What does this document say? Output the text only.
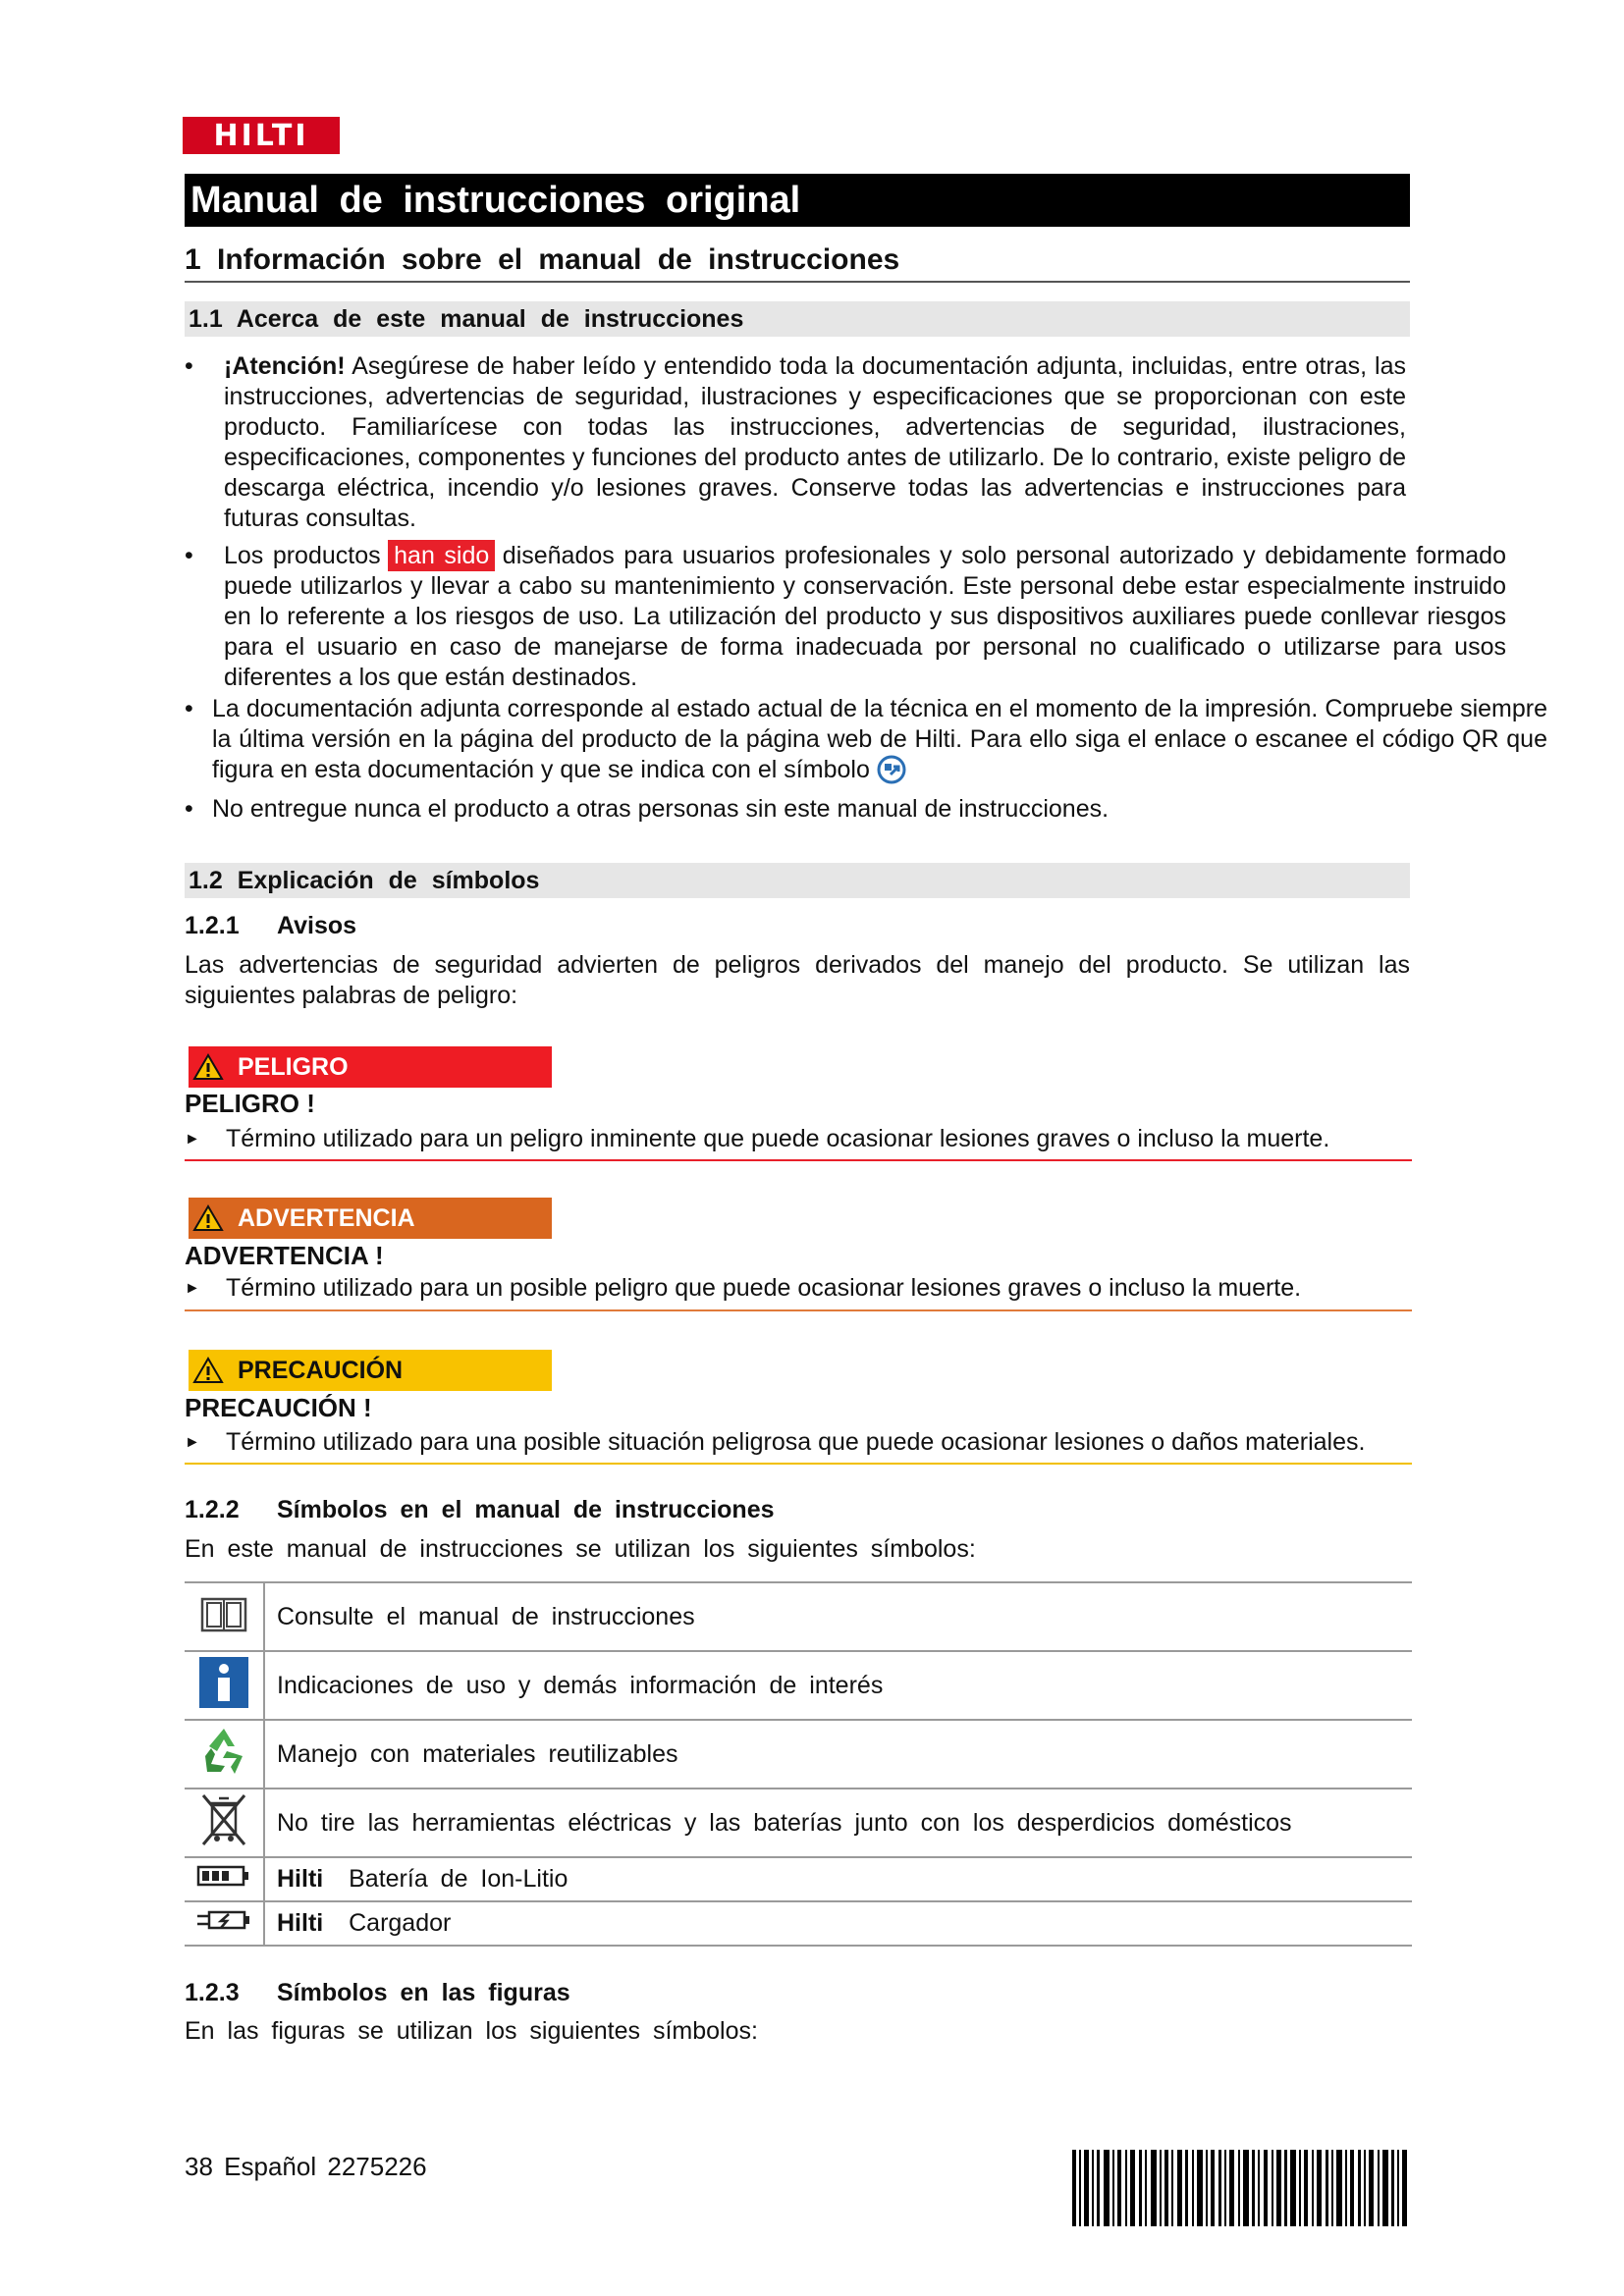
HILTI
Manual de instrucciones original
1 Información sobre el manual de instrucciones
1.1 Acerca de este manual de instrucciones
• ¡Atención! Asegúrese de haber leído y entendido toda la documentación adjunta, incluidas, entre otras, las instrucciones, advertencias de seguridad, ilustraciones y especificaciones que se proporcionan con este producto. Familiarícese con todas las instrucciones, advertencias de seguridad, ilustraciones, especificaciones, componentes y funciones del producto antes de utilizarlo. De lo contrario, existe peligro de descarga eléctrica, incendio y/o lesiones graves. Conserve todas las advertencias e instrucciones para futuras consultas.
• Los productos han sido diseñados para usuarios profesionales y solo personal autorizado y debidamente formado puede utilizarlos y llevar a cabo su mantenimiento y conservación. Este personal debe estar especialmente instruido en lo referente a los riesgos de uso. La utilización del producto y sus dispositivos auxiliares puede conllevar riesgos para el usuario en caso de manejarse de forma inadecuada por personal no cualificado o utilizarse para usos diferentes a los que están destinados.
• La documentación adjunta corresponde al estado actual de la técnica en el momento de la impresión. Compruebe siempre la última versión en la página del producto de la página web de Hilti. Para ello siga el enlace o escanee el código QR que figura en esta documentación y que se indica con el símbolo
• No entregue nunca el producto a otras personas sin este manual de instrucciones.
1.2 Explicación de símbolos
1.2.1 Avisos
Las advertencias de seguridad advierten de peligros derivados del manejo del producto. Se utilizan las siguientes palabras de peligro:
PELIGRO
PELIGRO !
► Término utilizado para un peligro inminente que puede ocasionar lesiones graves o incluso la muerte.
ADVERTENCIA
ADVERTENCIA !
► Término utilizado para un posible peligro que puede ocasionar lesiones graves o incluso la muerte.
PRECAUCIÓN
PRECAUCIÓN !
► Término utilizado para una posible situación peligrosa que puede ocasionar lesiones o daños materiales.
1.2.2 Símbolos en el manual de instrucciones
En este manual de instrucciones se utilizan los siguientes símbolos:
	Consulte el manual de instrucciones
	Indicaciones de uso y demás información de interés
	Manejo con materiales reutilizables
	No tire las herramientas eléctricas y las baterías junto con los desperdicios domésticos
	Hilti Batería de Ion-Litio
	Hilti Cargador
1.2.3 Símbolos en las figuras
En las figuras se utilizan los siguientes símbolos:
38 Español 2275226
